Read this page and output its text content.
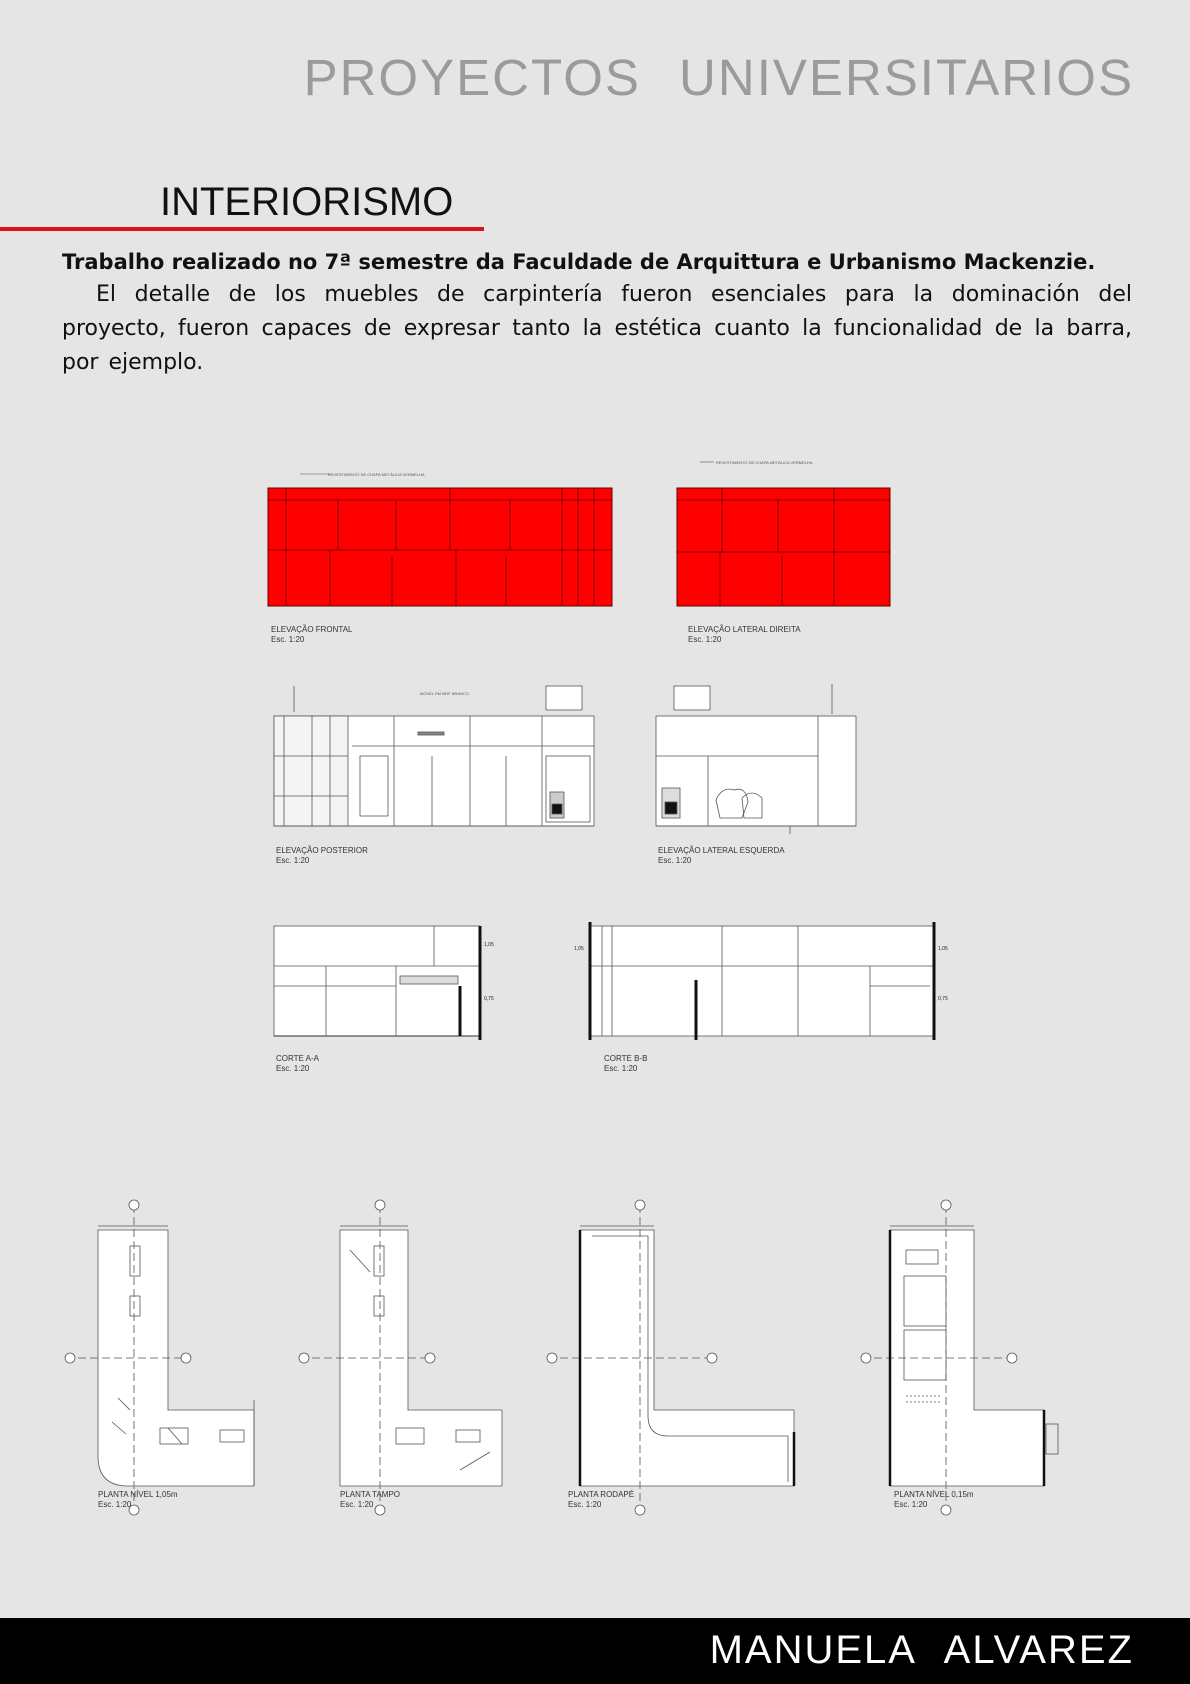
PROYECTOS UNIVERSITARIOS
INTERIORISMO

Trabalho realizado no 7ª semestre da Faculdade de Arquittura e Urbanismo Mackenzie.

El detalle de los muebles de carpintería fueron esenciales para la dominación del proyecto, fueron capaces de expresar tanto la estética cuanto la funcionalidad de la barra, por ejemplo.

REVESTIMENTO DE CHAPA METÁLICA VERMELHA
ELEVAÇÃO FRONTAL
Esc. 1:20
REVESTIMENTO DE CHAPA METÁLICA VERMELHA
ELEVAÇÃO LATERAL DIREITA
Esc. 1:20
MÓVEL EM MDF BRANCO
ELEVAÇÃO POSTERIOR
Esc. 1:20
ELEVAÇÃO LATERAL ESQUERDA
Esc. 1:20
1,05
0,75
CORTE A-A
Esc. 1:20
1,05	1,05
0,75
CORTE B-B
Esc. 1:20
PLANTA NÍVEL 1,05m
Esc. 1:20
PLANTA TAMPO
Esc. 1:20
PLANTA RODAPÉ
Esc. 1:20
PLANTA NÍVEL 0,15m
Esc. 1:20
MANUELA ALVAREZ
